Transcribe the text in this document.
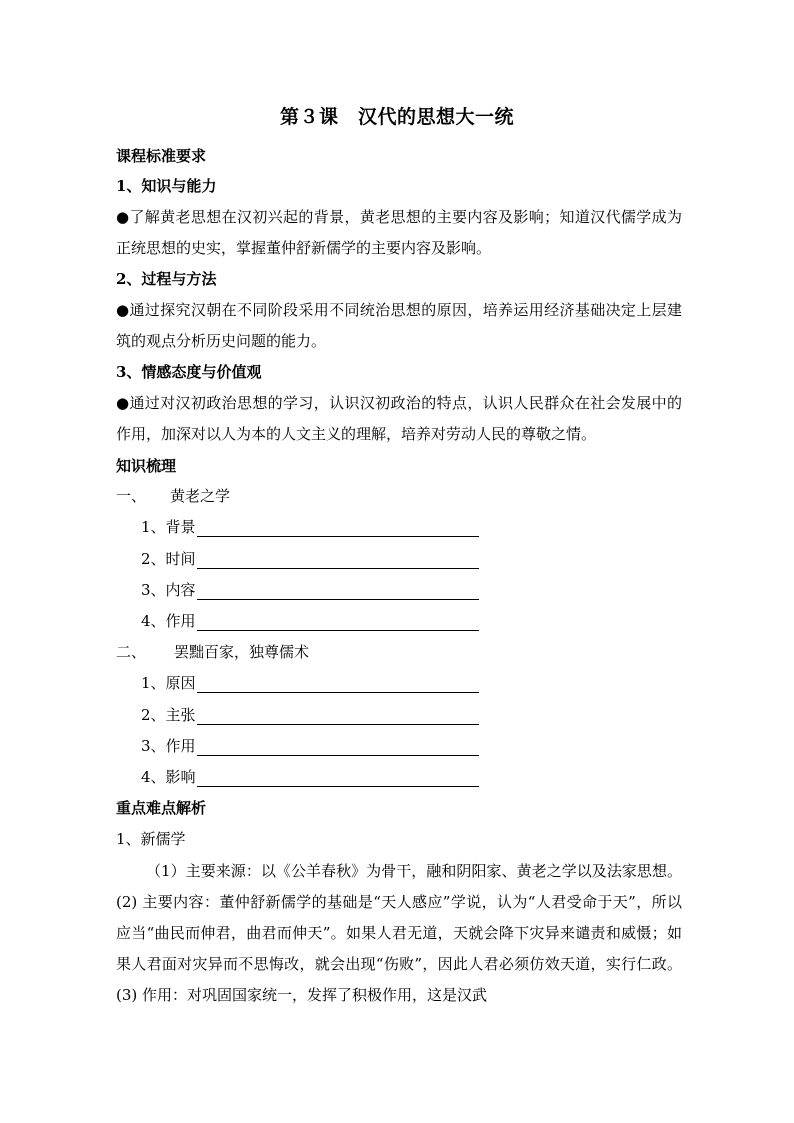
第３课　汉代的思想大一统
课程标准要求
1、知识与能力
●了解黄老思想在汉初兴起的背景，黄老思想的主要内容及影响；知道汉代儒学成为正统思想的史实，掌握董仲舒新儒学的主要内容及影响。
2、过程与方法
●通过探究汉朝在不同阶段采用不同统治思想的原因，培养运用经济基础决定上层建筑的观点分析历史问题的能力。
3、情感态度与价值观
●通过对汉初政治思想的学习，认识汉初政治的特点，认识人民群众在社会发展中的作用，加深对以人为本的人文主义的理解，培养对劳动人民的尊敬之情。
知识梳理
一、 黄老之学
1、背景
2、时间
3、内容
4、作用
二、 罢黜百家，独尊儒术
1、原因
2、主张
3、作用
4、影响
重点难点解析
1、新儒学
（1）主要来源：以《公羊春秋》为骨干，融和阴阳家、黄老之学以及法家思想。(2) 主要内容：董仲舒新儒学的基础是“天人感应”学说，认为“人君受命于天”，所以应当“曲民而伸君，曲君而伸天”。如果人君无道，天就会降下灾异来谴责和威慑；如果人君面对灾异而不思悔改，就会出现“伤败”，因此人君必须仿效天道，实行仁政。(3) 作用：对巩固国家统一，发挥了积极作用，这是汉武
